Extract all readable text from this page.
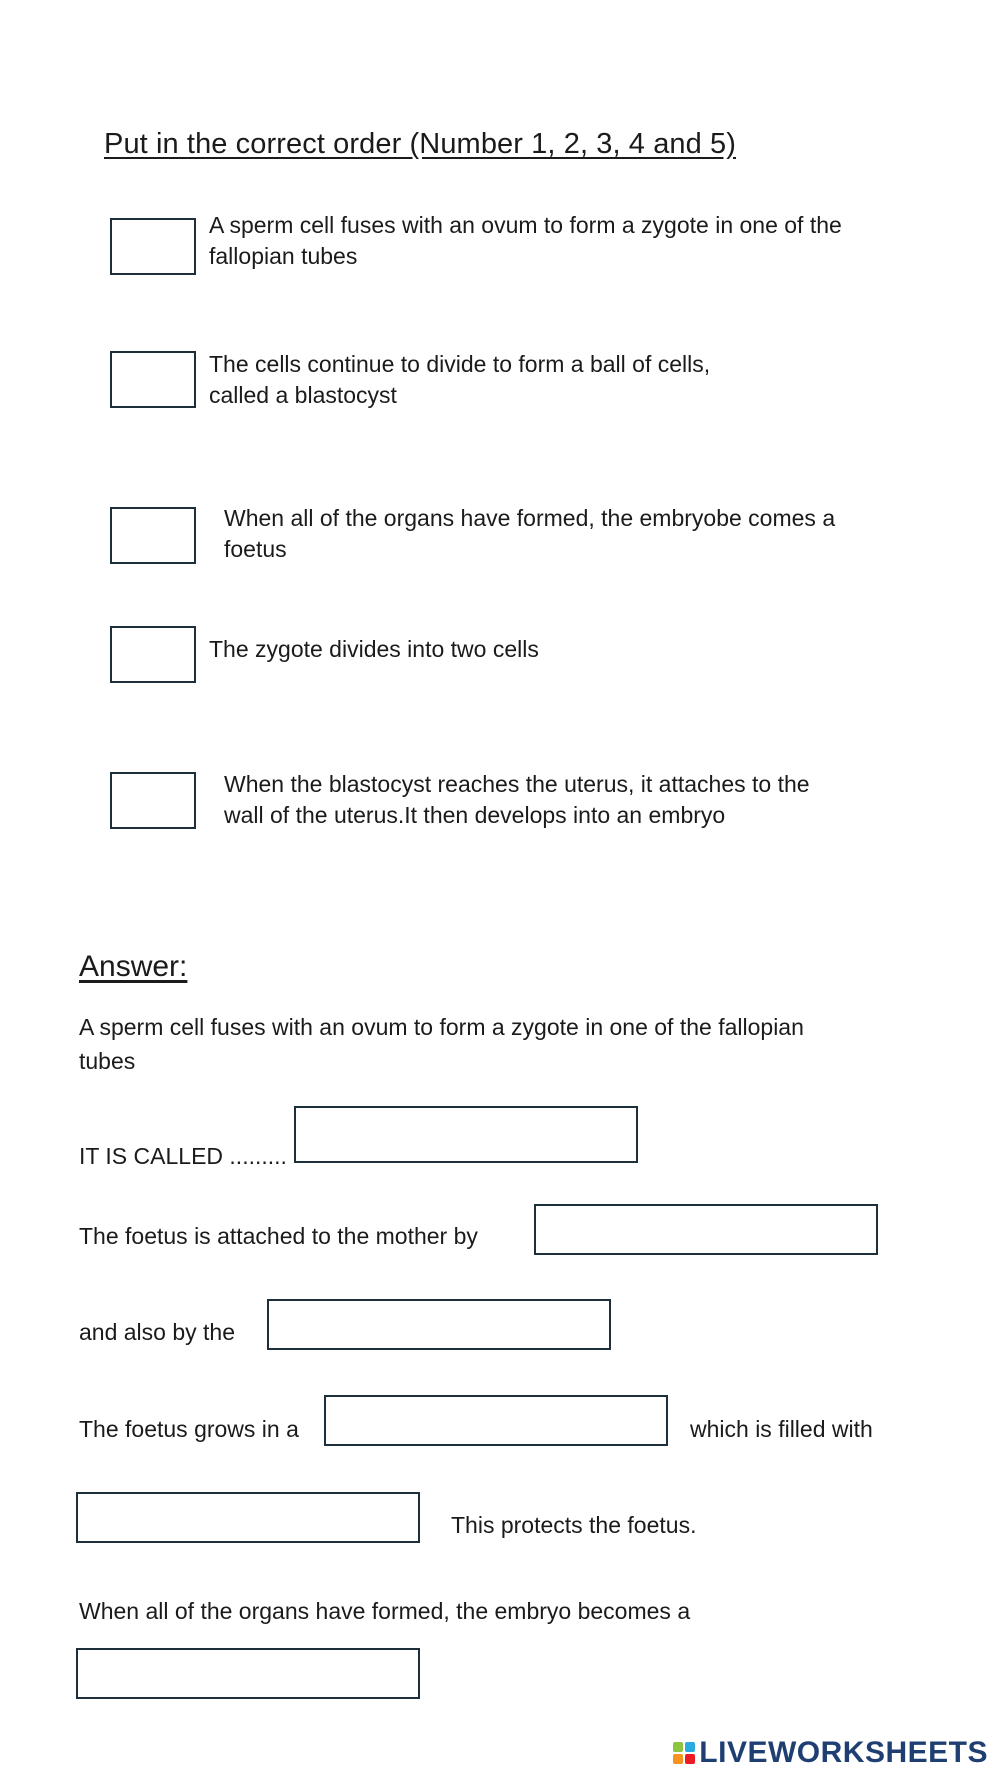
Put in the correct order (Number 1, 2, 3, 4 and 5)
A sperm cell fuses with an ovum to form a zygote in one of the
fallopian tubes
The cells continue to divide to form a ball of cells,
called a blastocyst
When all of the organs have formed, the embryobe comes a
foetus
The zygote divides into two cells
When the blastocyst reaches the uterus, it attaches to the
wall of the uterus.It then develops into an embryo
Answer:
A sperm cell fuses with an ovum to form a zygote in one of the fallopian
tubes
IT IS CALLED .........
The foetus is attached to the mother by
and also by the
The foetus grows in a	which is filled with
This protects the foetus.
When all of the organs have formed, the embryo becomes a
LIVEWORKSHEETS
